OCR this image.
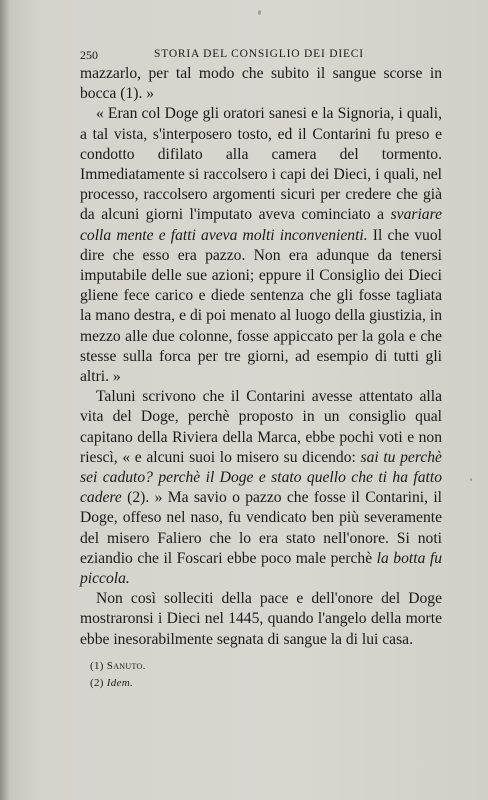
250	STORIA DEL CONSIGLIO DEI DIECI

mazzarlo, per tal modo che subito il sangue scorse in bocca (1). »

« Eran col Doge gli oratori sanesi e la Signoria, i quali, a tal vista, s'interposero tosto, ed il Contarini fu preso e condotto difilato alla camera del tormento. Immediatamente si raccolsero i capi dei Dieci, i quali, nel processo, raccolsero argomenti sicuri per credere che già da alcuni giorni l'imputato aveva cominciato a svariare colla mente e fatti aveva molti inconvenienti. Il che vuol dire che esso era pazzo. Non era adunque da tenersi imputabile delle sue azioni; eppure il Consiglio dei Dieci gliene fece carico e diede sentenza che gli fosse tagliata la mano destra, e di poi menato al luogo della giustizia, in mezzo alle due colonne, fosse appiccato per la gola e che stesse sulla forca per tre giorni, ad esempio di tutti gli altri. »

Taluni scrivono che il Contarini avesse attentato alla vita del Doge, perchè proposto in un consiglio qual capitano della Riviera della Marca, ebbe pochi voti e non riescì, « e alcuni suoi lo misero su dicendo: sai tu perchè sei caduto? perchè il Doge e stato quello che ti ha fatto cadere (2). » Ma savio o pazzo che fosse il Contarini, il Doge, offeso nel naso, fu vendicato ben più severamente del misero Faliero che lo era stato nell'onore. Si noti eziandio che il Foscari ebbe poco male perchè la botta fu piccola.

Non così solleciti della pace e dell'onore del Doge mostraronsi i Dieci nel 1445, quando l'angelo della morte ebbe inesorabilmente segnata di sangue la di lui casa.

(1) Sanuto.
(2) Idem.
